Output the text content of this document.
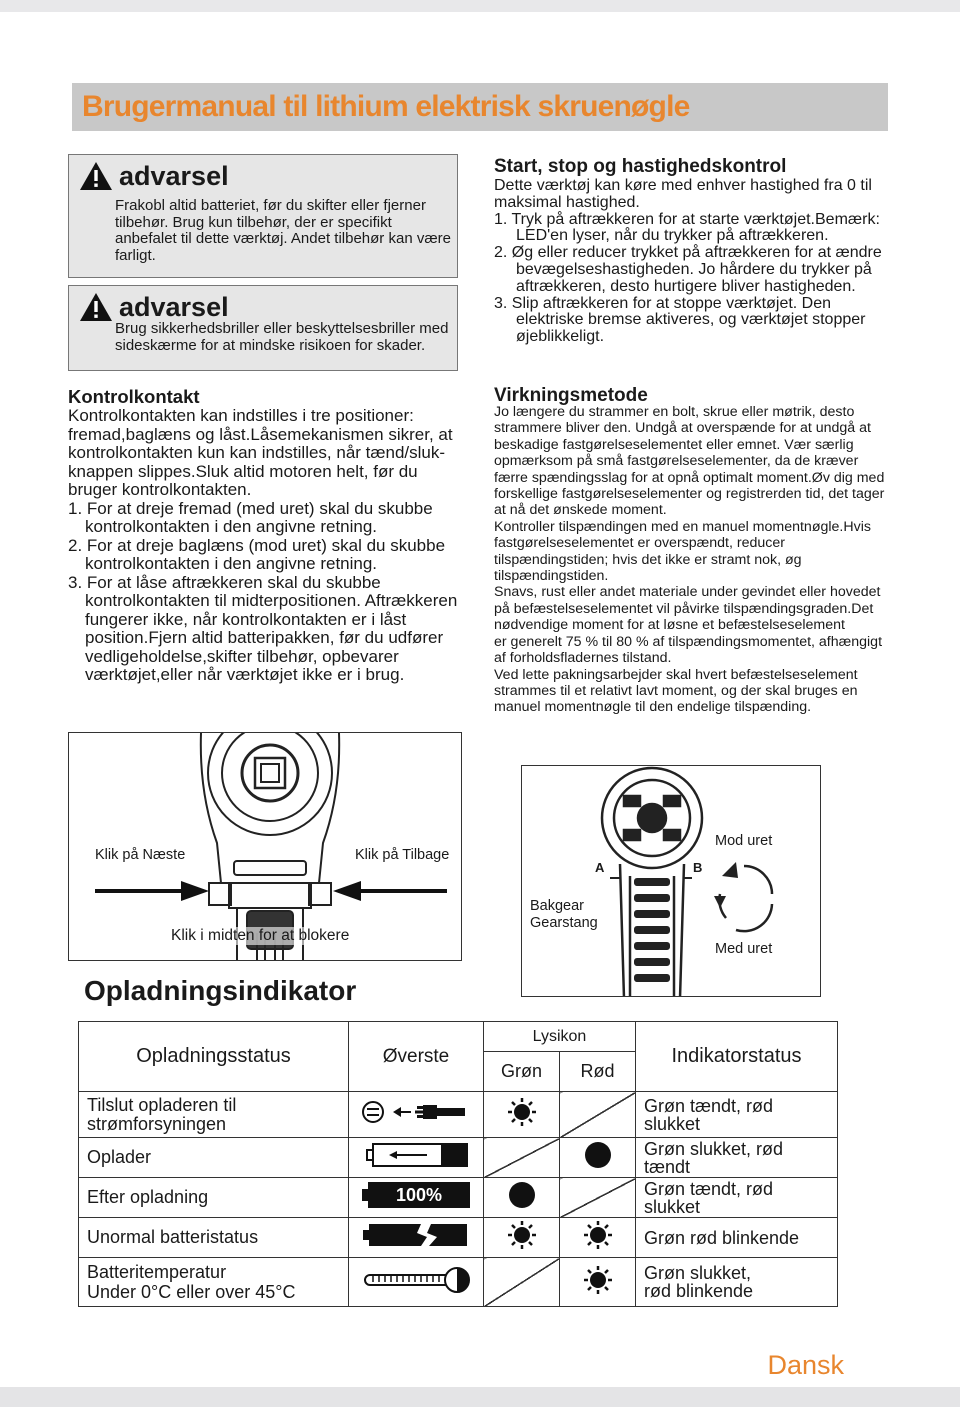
Brugermanual til lithium elektrisk skruenøgle
advarsel

Frakobl altid batteriet, før du skifter eller fjerner tilbehør. Brug kun tilbehør, der er specifikt anbefalet til dette værktøj. Andet tilbehør kan være farligt.

advarsel

Brug sikkerhedsbriller eller beskyttelsesbriller med sideskærme for at mindske risikoen for skader.

Kontrolkontakt
Kontrolkontakten kan indstilles i tre positioner: fremad,baglæns og låst.Låsemekanismen sikrer, at kontrolkontakten kun kan indstilles, når tænd/sluk-knappen slippes.Sluk altid motoren helt, før du bruger kontrolkontakten.
1. For at dreje fremad (med uret) skal du skubbe kontrolkontakten i den angivne retning.
2. For at dreje baglæns (mod uret) skal du skubbe kontrolkontakten i den angivne retning.
3. For at låse aftrækkeren skal du skubbe kontrolkontakten til midterpositionen. Aftrækkeren fungerer ikke, når kontrolkontakten er i låst position.Fjern altid batteripakken, før du udfører vedligeholdelse,skifter tilbehør, opbevarer værktøjet,eller når værktøjet ikke er i brug.
Klik på Næste	Klik på Tilbage
Klik i midten for at blokere
Start, stop og hastighedskontrol
Dette værktøj kan køre med enhver hastighed fra 0 til maksimal hastighed.
1. Tryk på aftrækkeren for at starte værktøjet.Bemærk: LED'en lyser, når du trykker på aftrækkeren.
2. Øg eller reducer trykket på aftrækkeren for at ændre bevægelseshastigheden. Jo hårdere du trykker på aftrækkeren, desto hurtigere bliver hastigheden.
3. Slip aftrækkeren for at stoppe værktøjet. Den elektriske bremse aktiveres, og værktøjet stopper øjeblikkeligt.
Virkningsmetode
Jo længere du strammer en bolt, skrue eller møtrik, desto strammere bliver den. Undgå at overspænde for at undgå at beskadige fastgørelseselementet eller emnet. Vær særlig opmærksom på små fastgørelseselementer, da de kræver færre spændingsslag for at opnå optimalt moment.Øv dig med forskellige fastgørelseselementer og registrerden tid, det tager at nå det ønskede moment.
Kontroller tilspændingen med en manuel momentnøgle.Hvis fastgørelseselementet er overspændt, reducer tilspændingstiden; hvis det ikke er stramt nok, øg tilspændingstiden.
Snavs, rust eller andet materiale under gevindet eller hovedet på befæstelseselementet vil påvirke tilspændingsgraden.Det nødvendige moment for at løsne et befæstelseselement
er generelt 75 % til 80 % af tilspændingsmomentet, afhængigt af forholdsfladernes tilstand.
Ved lette pakningsarbejder skal hvert befæstelseselement strammes til et relativt lavt moment, og der skal bruges en manuel momentnøgle til den endelige tilspænding.
A	B
Bakgear
Gearstang
Mod uret
Med uret
Opladningsindikator
Opladningsstatus	Øverste	Lysikon		Indikatorstatus
		Grøn	Rød	
Tilslut opladeren til strømforsyningen				Grøn tændt, rød slukket
Oplader				Grøn slukket, rød tændt
Efter opladning	100%			Grøn tændt, rød slukket
Unormal batteristatus				Grøn rød blinkende

Batteritemperatur
Under 0°C eller over 45°C				Grøn slukket,
rød blinkende
Dansk
